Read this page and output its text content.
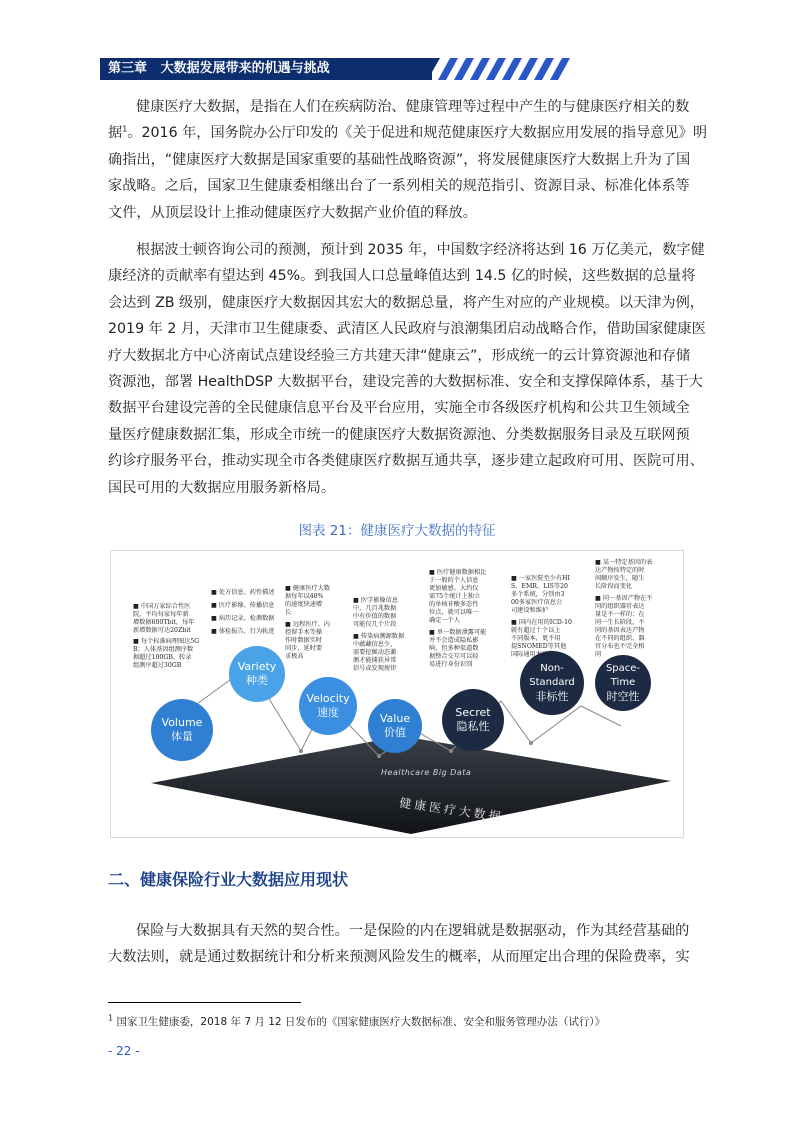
第三章   大数据发展带来的机遇与挑战
健康医疗大数据，是指在人们在疾病防治、健康管理等过程中产生的与健康医疗相关的数
据$^1$。2016 年，国务院办公厅印发的《关于促进和规范健康医疗大数据应用发展的指导意见》明
确指出，“健康医疗大数据是国家重要的基础性战略资源”，将发展健康医疗大数据上升为了国
家战略。之后，国家卫生健康委相继出台了一系列相关的规范指引、资源目录、标准化体系等
文件，从顶层设计上推动健康医疗大数据产业价值的释放。
根据波士顿咨询公司的预测，预计到 2035 年，中国数字经济将达到 16 万亿美元，数字健
康经济的贡献率有望达到 45%。到我国人口总量峰值达到 14.5 亿的时候，这些数据的总量将
会达到 ZB 级别，健康医疗大数据因其宏大的数据总量，将产生对应的产业规模。以天津为例，
2019 年 2 月，天津市卫生健康委、武清区人民政府与浪潮集团启动战略合作，借助国家健康医
疗大数据北方中心济南试点建设经验三方共建天津“健康云”，形成统一的云计算资源池和存储
资源池，部署 HealthDSP 大数据平台，建设完善的大数据标准、安全和支撑保障体系，基于大
数据平台建设完善的全民健康信息平台及平台应用，实施全市各级医疗机构和公共卫生领域全
量医疗健康数据汇集，形成全市统一的健康医疗大数据资源池、分类数据服务目录及互联网预
约诊疗服务平台，推动实现全市各类健康医疗数据互通共享，逐步建立起政府可用、医院可用、
国民可用的大数据应用服务新格局。
图表 21：健康医疗大数据的特征
Healthcare Big Data
健康医疗大数据
Volume
体量
Variety
种类
Velocity
速度	Value
价值
Secret
隐私性
Non-Standard
非标性
Space-Time
时空性
■ 中国万家综合性医
院，平均每家每年新
增数据600Tbit，每年
新增数据可达20Zbit
■ 每个标准病理图达5G
B；人体基因组测序数
据超过100GB，转录
组测序超过30GB
■ 处方信息、药性描述
■ 医疗影像、传播信息
■ 病历记录、检测数据
■ 体检报告、行为轨迹
■ 健康医疗大数
据每年以48%
的速度快速增
长
■ 远程医疗、内
控留手术等操
作时数据实时
同步，延时要
求极高
■ 医学影像信息
中，几百兆数据
中有价值的数据
可能仅几个片段
■ 传染病溯源数据
中蕴藏信息少，
需要挖掘动态激
测才能捕获异常
信号或发现规律
■ 医疗健康数据相比
于一般的个人信息
更加敏感。大约仅
需75个统计上独立
的单核苷酸多态性
位点，就可以唯一
确定一个人
■ 单一数据泄露可能
并不会造成隐私影
响，但多种渠道数
据整合交互可以轻
易进行身份识别
■ 一家医院至少有HI
S、EMR、LIS等20
多个系统，分别由3
00多家医疗信息公
司建设和维护
■ 国内在用的ICD-10
就有超过十个以上
不同版本，更不用
提SNOMED等其他
国际通用术语集
■ 某一特定基因的表
达产物按特定的时
间顺序发生，随生
长阶段而变化
■ 同一基因产物在不
同的组织器官表达
量是不一样的；在
同一生长阶段，不
同的基因表达产物
在不同的组织、器
官分布也不完全相
同
二、健康保险行业大数据应用现状
保险与大数据具有天然的契合性。一是保险的内在逻辑就是数据驱动，作为其经营基础的
大数法则，就是通过数据统计和分析来预测风险发生的概率，从而厘定出合理的保险费率，实
$^1$ 国家卫生健康委，2018 年 7 月 12 日发布的《国家健康医疗大数据标准、安全和服务管理办法（试行）》
- 22 -
